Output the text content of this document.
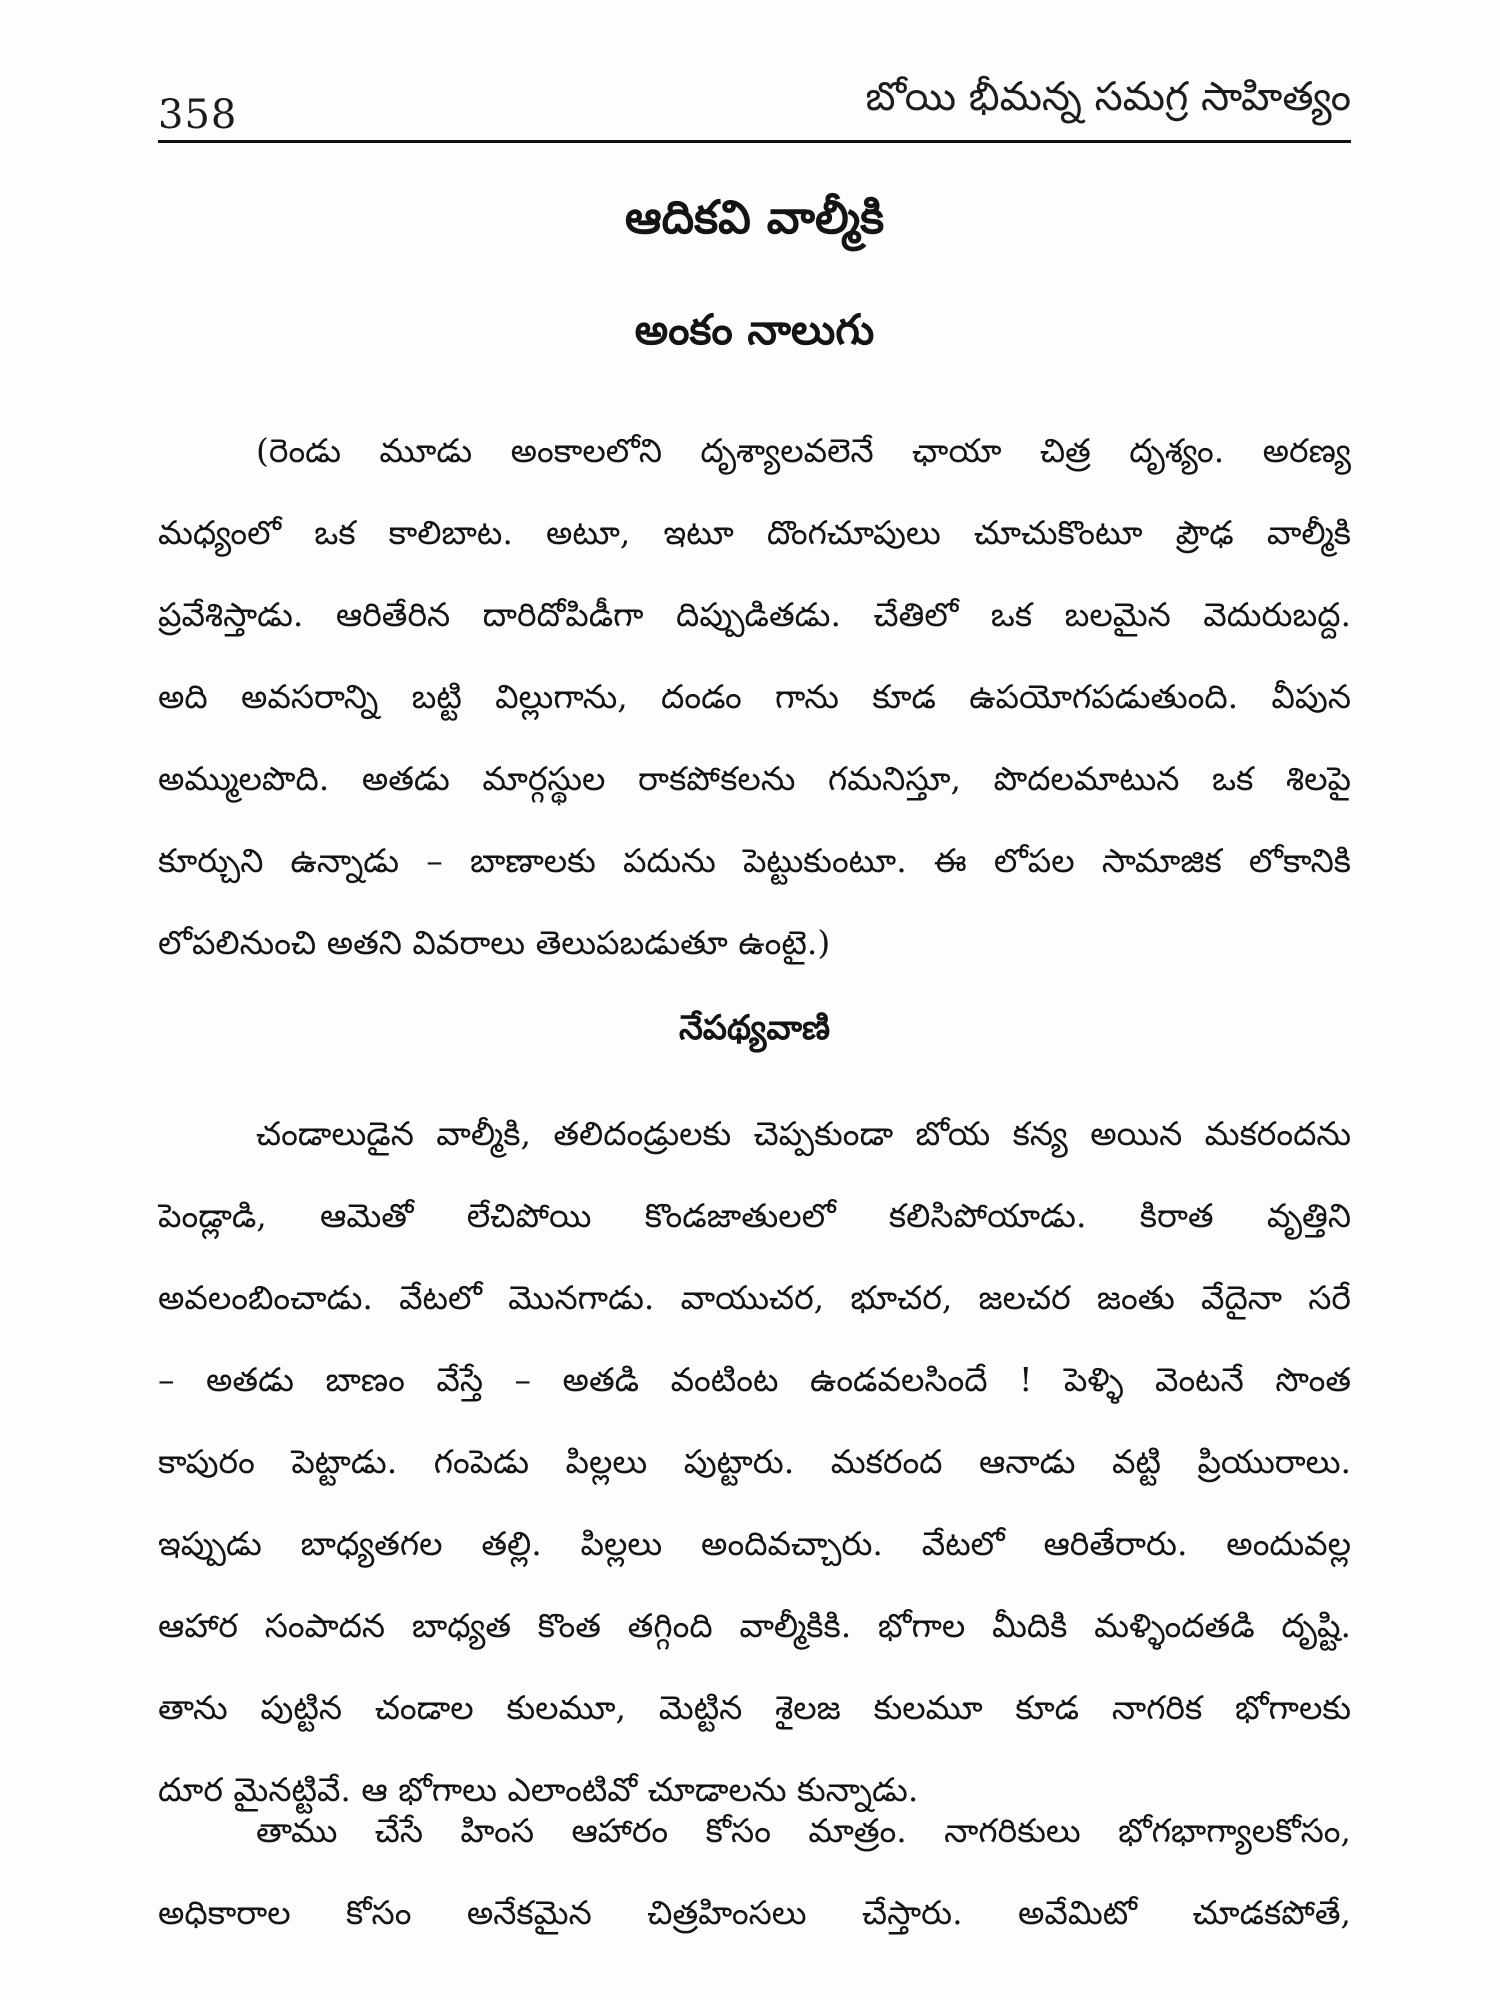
358	బోయి భీమన్న సమగ్ర సాహిత్యం
ఆదికవి వాల్మీకి
అంకం నాలుగు
(రెండు మూడు అంకాలలోని దృశ్యాలవలెనే ఛాయా చిత్ర దృశ్యం. అరణ్య
మధ్యంలో ఒక కాలిబాట. అటూ, ఇటూ దొంగచూపులు చూచుకొంటూ ప్రౌఢ వాల్మీకి
ప్రవేశిస్తాడు. ఆరితేరిన దారిదోపిడీగా దిప్పుడితడు. చేతిలో ఒక బలమైన వెదురుబద్ద.
అది అవసరాన్ని బట్టి విల్లుగాను, దండం గాను కూడ ఉపయోగపడుతుంది. వీపున
అమ్ములపొది. అతడు మార్గస్థుల రాకపోకలను గమనిస్తూ, పొదలమాటున ఒక శిలపై
కూర్చుని ఉన్నాడు – బాణాలకు పదును పెట్టుకుంటూ. ఈ లోపల సామాజిక లోకానికి
లోపలినుంచి అతని వివరాలు తెలుపబడుతూ ఉంటై.)
నేపథ్యవాణి
చండాలుడైన వాల్మీకి, తలిదండ్రులకు చెప్పకుండా బోయ కన్య అయిన మకరందను
పెండ్లాడి, ఆమెతో లేచిపోయి కొండజాతులలో కలిసిపోయాడు. కిరాత వృత్తిని
అవలంబించాడు. వేటలో మొనగాడు. వాయుచర, భూచర, జలచర జంతు వేదైనా సరే
– అతడు బాణం వేస్తే – అతడి వంటింట ఉండవలసిందే ! పెళ్ళి వెంటనే సొంత
కాపురం పెట్టాడు. గంపెడు పిల్లలు పుట్టారు. మకరంద ఆనాడు వట్టి ప్రియురాలు.
ఇప్పుడు బాధ్యతగల తల్లి. పిల్లలు అందివచ్చారు. వేటలో ఆరితేరారు. అందువల్ల
ఆహార సంపాదన బాధ్యత కొంత తగ్గింది వాల్మీకికి. భోగాల మీదికి మళ్ళిందతడి దృష్టి.
తాను పుట్టిన చండాల కులమూ, మెట్టిన శైలజ కులమూ కూడ నాగరిక భోగాలకు
దూర మైనట్టివే. ఆ భోగాలు ఎలాంటివో చూడాలను కున్నాడు.
తాము చేసే హింస ఆహారం కోసం మాత్రం. నాగరికులు భోగభాగ్యాలకోసం,
అధికారాల కోసం అనేకమైన చిత్రహింసలు చేస్తారు. అవేమిటో చూడకపోతే,
